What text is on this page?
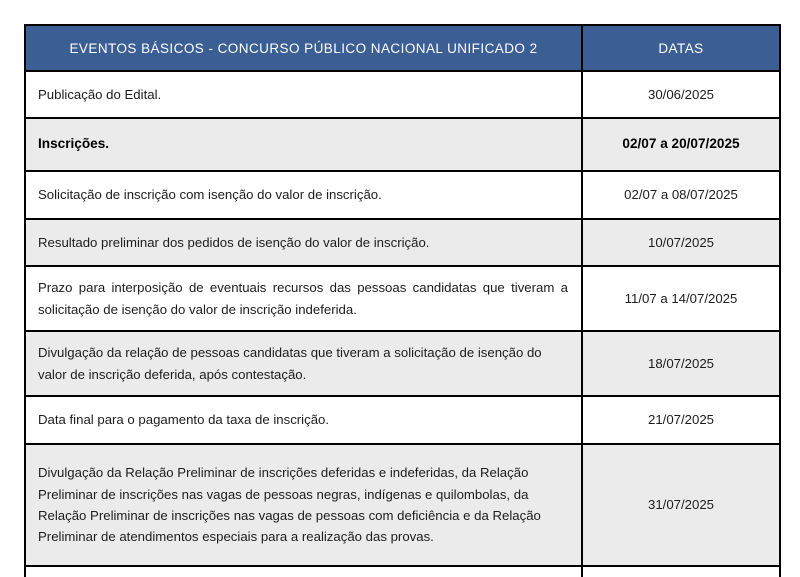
EVENTOS BÁSICOS - CONCURSO PÚBLICO NACIONAL UNIFICADO 2	DATAS
Publicação do Edital.	30/06/2025
Inscrições.	02/07 a 20/07/2025
Solicitação de inscrição com isenção do valor de inscrição.	02/07 a 08/07/2025
Resultado preliminar dos pedidos de isenção do valor de inscrição.	10/07/2025
Prazo para interposição de eventuais recursos das pessoas candidatas que tiveram a solicitação de isenção do valor de inscrição indeferida.	11/07 a 14/07/2025
Divulgação da relação de pessoas candidatas que tiveram a solicitação de isenção do valor de inscrição deferida, após contestação.	18/07/2025
Data final para o pagamento da taxa de inscrição.	21/07/2025
Divulgação da Relação Preliminar de inscrições deferidas e indeferidas, da Relação Preliminar de inscrições nas vagas de pessoas negras, indígenas e quilombolas, da Relação Preliminar de inscrições nas vagas de pessoas com deficiência e da Relação Preliminar de atendimentos especiais para a realização das provas.	31/07/2025
